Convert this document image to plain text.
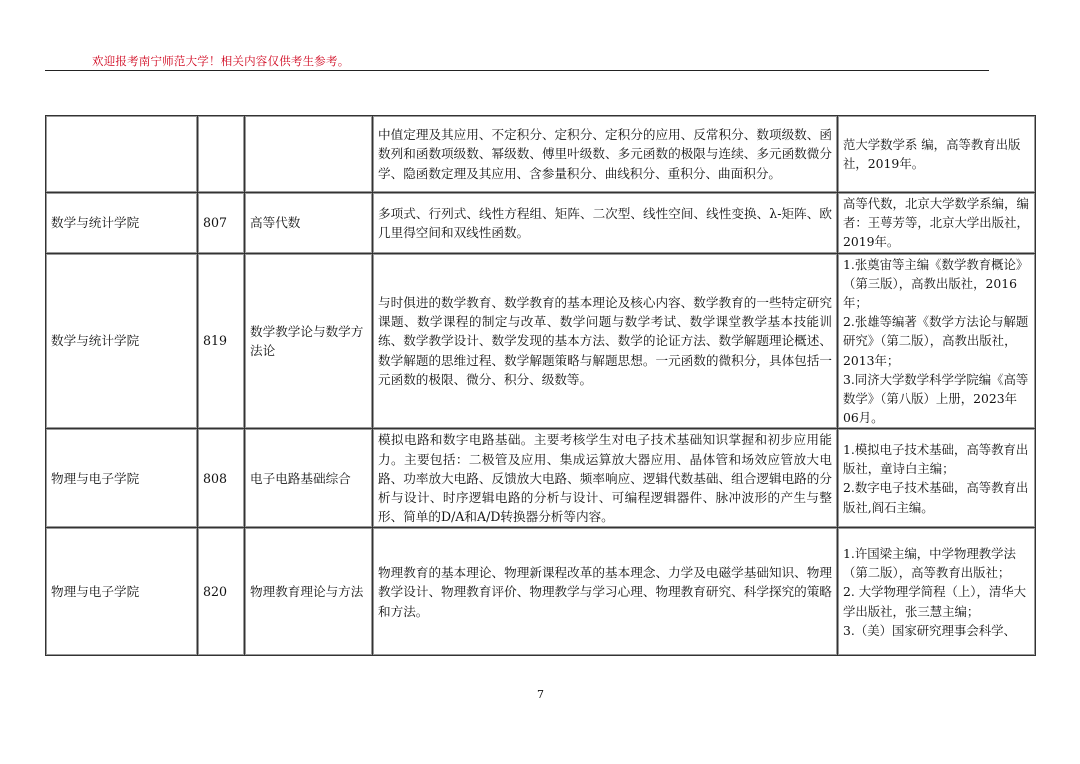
欢迎报考南宁师范大学！相关内容仅供考生参考。
			中值定理及其应用、不定积分、定积分、定积分的应用、反常积分、数项级数、函数列和函数项级数、幂级数、傅里叶级数、多元函数的极限与连续、多元函数微分学、隐函数定理及其应用、含参量积分、曲线积分、重积分、曲面积分。	范大学数学系 编，高等教育出版社，2019年。

数学与统计学院	807	高等代数	多项式、行列式、线性方程组、矩阵、二次型、线性空间、线性变换、λ-矩阵、欧几里得空间和双线性函数。	高等代数，北京大学数学系编，编者：王萼芳等，北京大学出版社，2019年。

数学与统计学院	819	数学教学论与数学方法论	与时俱进的数学教育、数学教育的基本理论及核心内容、数学教育的一些特定研究课题、数学课程的制定与改革、数学问题与数学考试、数学课堂教学基本技能训练、数学教学设计、数学发现的基本方法、数学的论证方法、数学解题理论概述、数学解题的思维过程、数学解题策略与解题思想。一元函数的微积分，具体包括一元函数的极限、微分、积分、级数等。	1.张奠宙等主编《数学教育概论》（第三版），高教出版社，2016年；
2.张雄等编著《数学方法论与解题研究》（第二版），高教出版社，2013年；
3.同济大学数学科学学院编《高等数学》（第八版）上册，2023年06月。

物理与电子学院	808	电子电路基础综合	模拟电路和数字电路基础。主要考核学生对电子技术基础知识掌握和初步应用能力。主要包括：二极管及应用、集成运算放大器应用、晶体管和场效应管放大电路、功率放大电路、反馈放大电路、频率响应、逻辑代数基础、组合逻辑电路的分析与设计、时序逻辑电路的分析与设计、可编程逻辑器件、脉冲波形的产生与整形、简单的D/A和A/D转换器分析等内容。	1.模拟电子技术基础，高等教育出版社，童诗白主编；
2.数字电子技术基础，高等教育出版社,阎石主编。

物理与电子学院	820	物理教育理论与方法	物理教育的基本理论、物理新课程改革的基本理念、力学及电磁学基础知识、物理教学设计、物理教育评价、物理教学与学习心理、物理教育研究、科学探究的策略和方法。	1.许国梁主编，中学物理教学法（第二版），高等教育出版社；
2. 大学物理学简程（上），清华大学出版社，张三慧主编；
3.（美）国家研究理事会科学、
7
